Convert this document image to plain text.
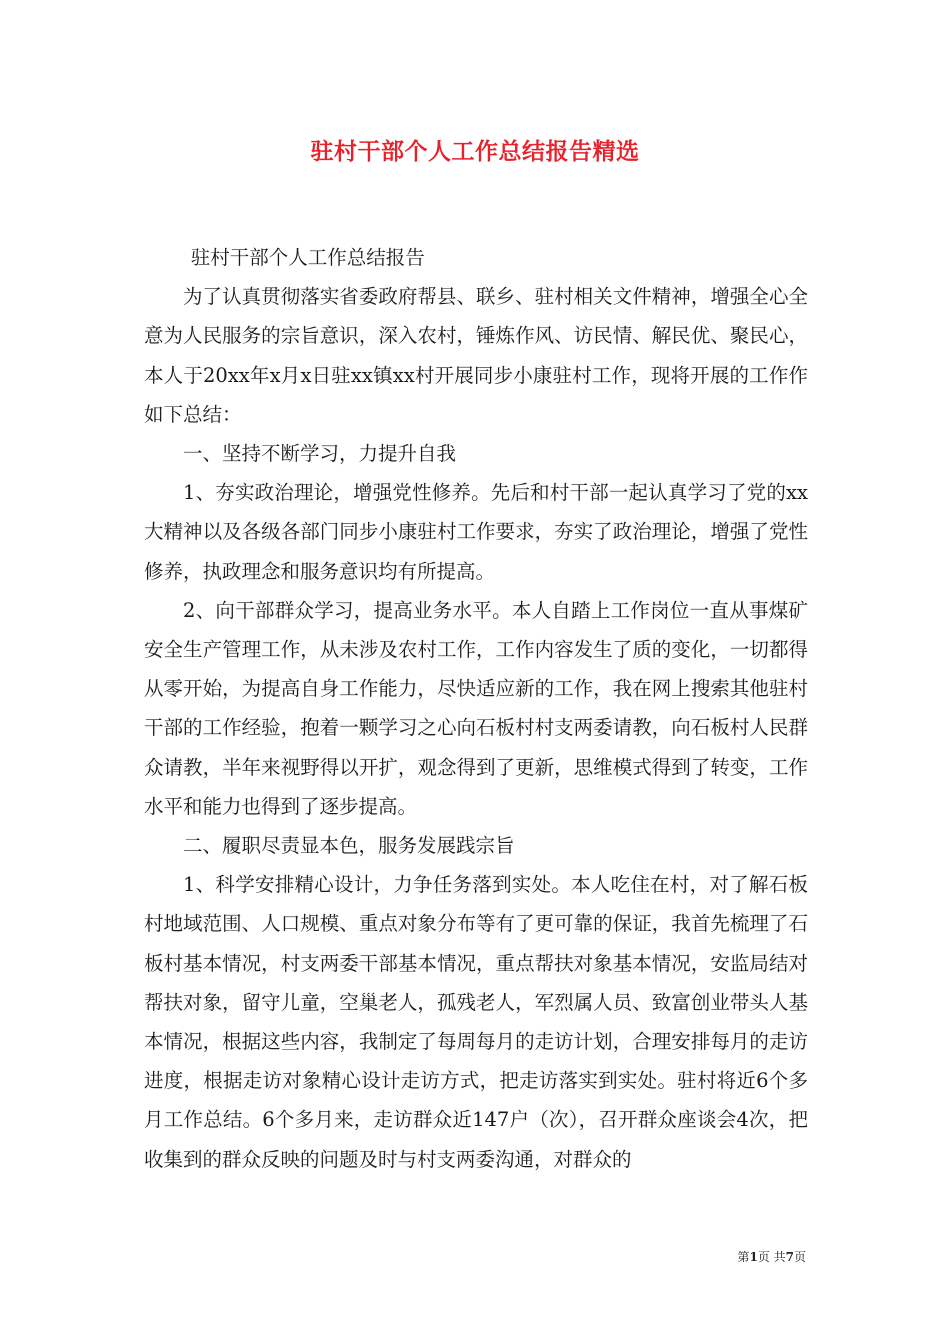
驻村干部个人工作总结报告精选

驻村干部个人工作总结报告

为了认真贯彻落实省委政府帮县、联乡、驻村相关文件精神，增强全心全意为人民服务的宗旨意识，深入农村，锤炼作风、访民情、解民优、聚民心，本人于20xx年x月x日驻xx镇xx村开展同步小康驻村工作，现将开展的工作作如下总结：

一、坚持不断学习，力提升自我

1、夯实政治理论，增强党性修养。先后和村干部一起认真学习了党的xx大精神以及各级各部门同步小康驻村工作要求，夯实了政治理论，增强了党性修养，执政理念和服务意识均有所提高。

2、向干部群众学习，提高业务水平。本人自踏上工作岗位一直从事煤矿安全生产管理工作，从未涉及农村工作，工作内容发生了质的变化，一切都得从零开始，为提高自身工作能力，尽快适应新的工作，我在网上搜索其他驻村干部的工作经验，抱着一颗学习之心向石板村村支两委请教，向石板村人民群众请教，半年来视野得以开扩，观念得到了更新，思维模式得到了转变，工作水平和能力也得到了逐步提高。

二、履职尽责显本色，服务发展践宗旨

1、科学安排精心设计，力争任务落到实处。本人吃住在村，对了解石板村地域范围、人口规模、重点对象分布等有了更可靠的保证，我首先梳理了石板村基本情况，村支两委干部基本情况，重点帮扶对象基本情况，安监局结对帮扶对象，留守儿童，空巢老人，孤残老人，军烈属人员、致富创业带头人基本情况，根据这些内容，我制定了每周每月的走访计划，合理安排每月的走访进度，根据走访对象精心设计走访方式，把走访落实到实处。驻村将近6个多月工作总结。6个多月来，走访群众近147户（次），召开群众座谈会4次，把收集到的群众反映的问题及时与村支两委沟通，对群众的

第1页 共7页
